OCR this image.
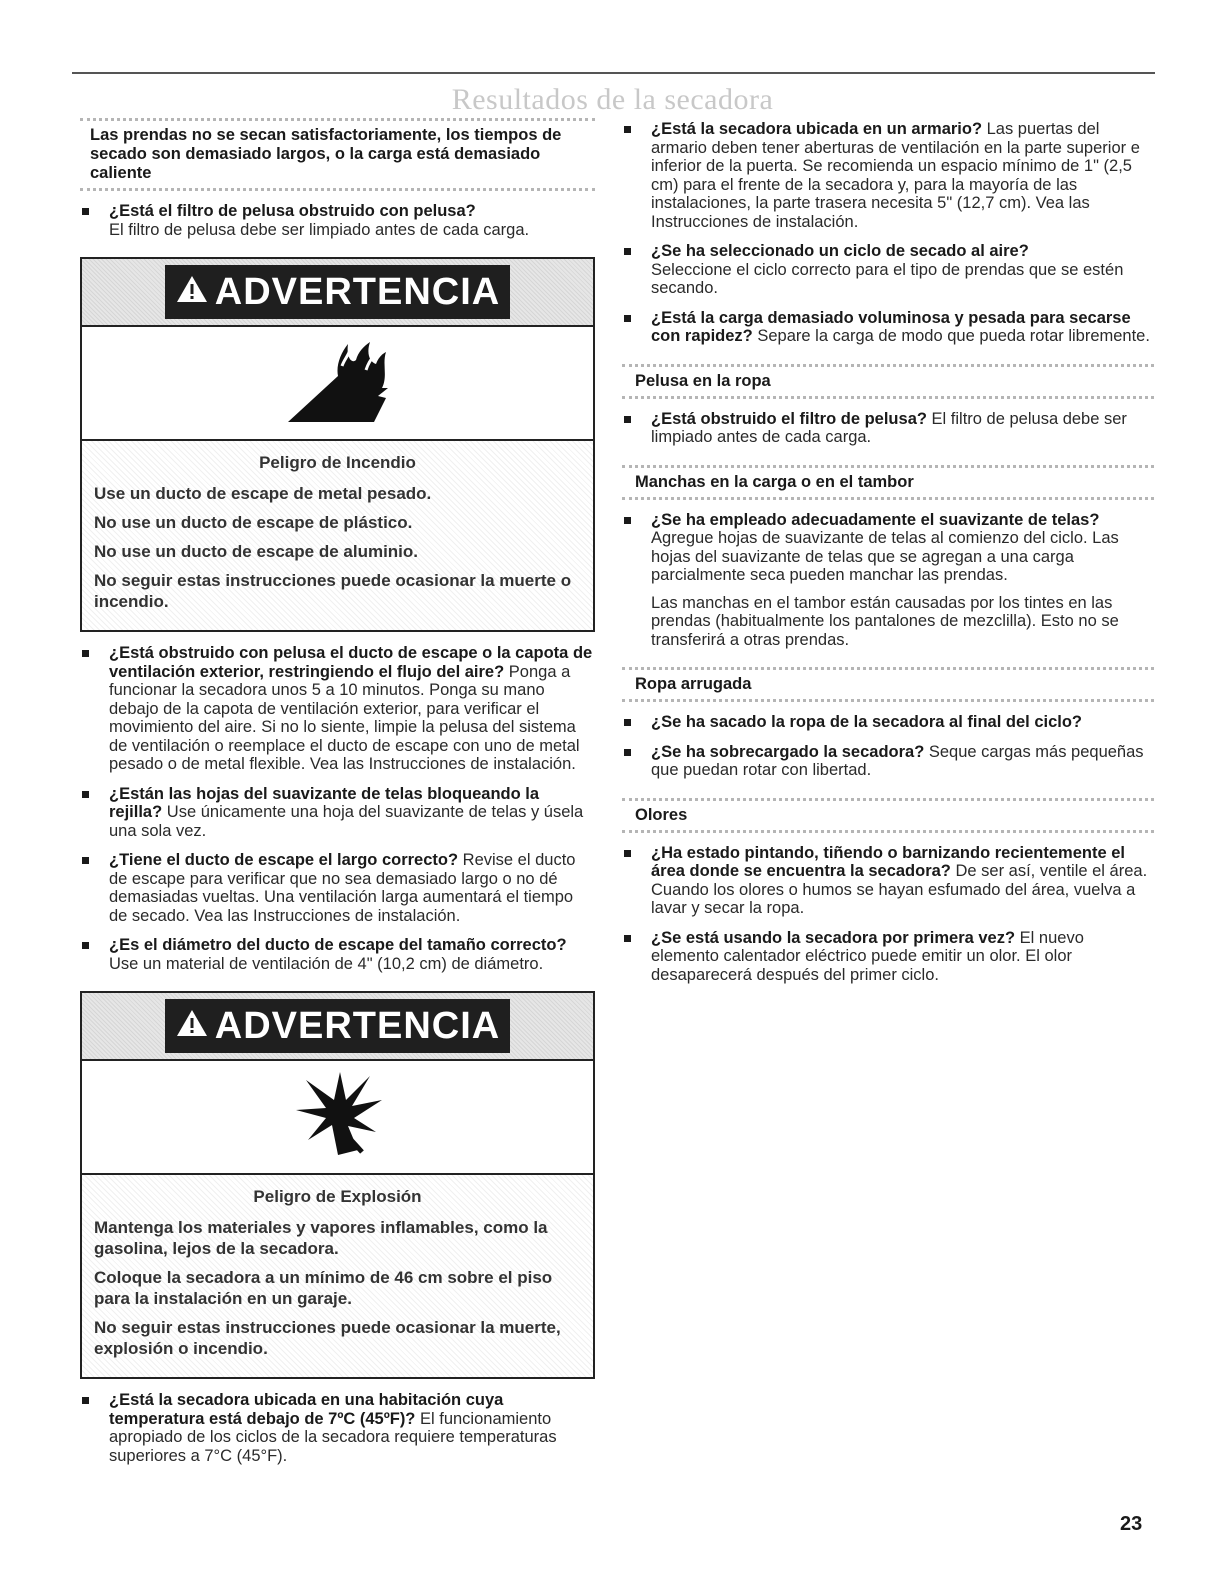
Resultados de la secadora
Las prendas no se secan satisfactoriamente, los tiempos de secado son demasiado largos, o la carga está demasiado caliente
¿Está el filtro de pelusa obstruido con pelusa?
El filtro de pelusa debe ser limpiado antes de cada carga.
ADVERTENCIA
Peligro de Incendio
Use un ducto de escape de metal pesado.
No use un ducto de escape de plástico.
No use un ducto de escape de aluminio.
No seguir estas instrucciones puede ocasionar la muerte o incendio.
¿Está obstruido con pelusa el ducto de escape o la capota de ventilación exterior, restringiendo el flujo del aire? Ponga a funcionar la secadora unos 5 a 10 minutos. Ponga su mano debajo de la capota de ventilación exterior, para verificar el movimiento del aire. Si no lo siente, limpie la pelusa del sistema de ventilación o reemplace el ducto de escape con uno de metal pesado o de metal flexible. Vea las Instrucciones de instalación.
¿Están las hojas del suavizante de telas bloqueando la rejilla? Use únicamente una hoja del suavizante de telas y úsela una sola vez.
¿Tiene el ducto de escape el largo correcto? Revise el ducto de escape para verificar que no sea demasiado largo o no dé demasiadas vueltas. Una ventilación larga aumentará el tiempo de secado. Vea las Instrucciones de instalación.
¿Es el diámetro del ducto de escape del tamaño correcto? Use un material de ventilación de 4" (10,2 cm) de diámetro.
ADVERTENCIA
Peligro de Explosión
Mantenga los materiales y vapores inflamables, como la gasolina, lejos de la secadora.
Coloque la secadora a un mínimo de 46 cm sobre el piso para la instalación en un garaje.
No seguir estas instrucciones puede ocasionar la muerte, explosión o incendio.
¿Está la secadora ubicada en una habitación cuya temperatura está debajo de 7ºC (45ºF)? El funcionamiento apropiado de los ciclos de la secadora requiere temperaturas superiores a 7°C (45°F).
¿Está la secadora ubicada en un armario? Las puertas del armario deben tener aberturas de ventilación en la parte superior e inferior de la puerta. Se recomienda un espacio mínimo de 1" (2,5 cm) para el frente de la secadora y, para la mayoría de las instalaciones, la parte trasera necesita 5" (12,7 cm). Vea las Instrucciones de instalación.
¿Se ha seleccionado un ciclo de secado al aire?
Seleccione el ciclo correcto para el tipo de prendas que se estén secando.
¿Está la carga demasiado voluminosa y pesada para secarse con rapidez? Separe la carga de modo que pueda rotar libremente.
Pelusa en la ropa
¿Está obstruido el filtro de pelusa? El filtro de pelusa debe ser limpiado antes de cada carga.
Manchas en la carga o en el tambor
¿Se ha empleado adecuadamente el suavizante de telas?
Agregue hojas de suavizante de telas al comienzo del ciclo. Las hojas del suavizante de telas que se agregan a una carga parcialmente seca pueden manchar las prendas.
Las manchas en el tambor están causadas por los tintes en las prendas (habitualmente los pantalones de mezclilla). Esto no se transferirá a otras prendas.
Ropa arrugada
¿Se ha sacado la ropa de la secadora al final del ciclo?
¿Se ha sobrecargado la secadora? Seque cargas más pequeñas que puedan rotar con libertad.
Olores
¿Ha estado pintando, tiñendo o barnizando recientemente el área donde se encuentra la secadora? De ser así, ventile el área. Cuando los olores o humos se hayan esfumado del área, vuelva a lavar y secar la ropa.
¿Se está usando la secadora por primera vez? El nuevo elemento calentador eléctrico puede emitir un olor. El olor desaparecerá después del primer ciclo.
23
